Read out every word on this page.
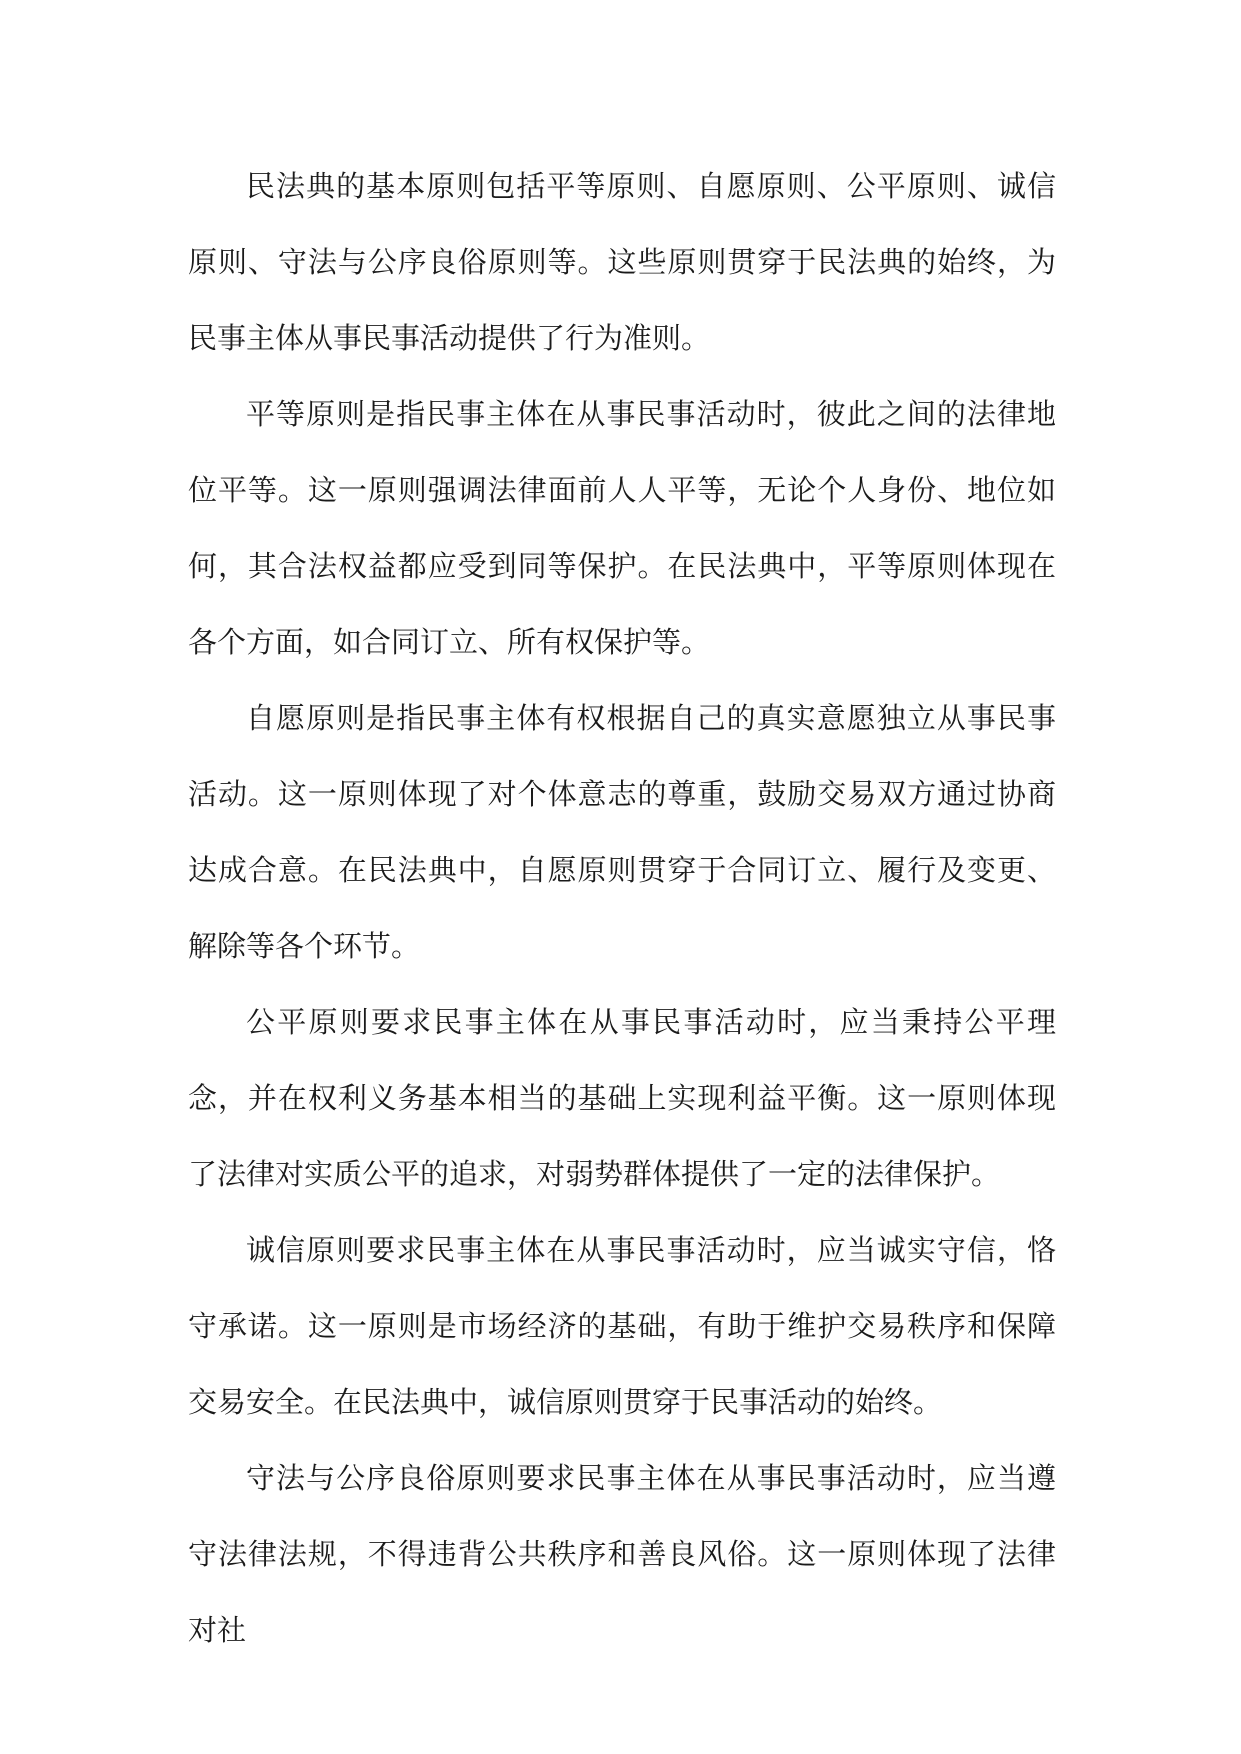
民法典的基本原则包括平等原则、自愿原则、公平原则、诚信原则、守法与公序良俗原则等。这些原则贯穿于民法典的始终，为民事主体从事民事活动提供了行为准则。

平等原则是指民事主体在从事民事活动时，彼此之间的法律地位平等。这一原则强调法律面前人人平等，无论个人身份、地位如何，其合法权益都应受到同等保护。在民法典中，平等原则体现在各个方面，如合同订立、所有权保护等。

自愿原则是指民事主体有权根据自己的真实意愿独立从事民事活动。这一原则体现了对个体意志的尊重，鼓励交易双方通过协商达成合意。在民法典中，自愿原则贯穿于合同订立、履行及变更、解除等各个环节。

公平原则要求民事主体在从事民事活动时，应当秉持公平理念，并在权利义务基本相当的基础上实现利益平衡。这一原则体现了法律对实质公平的追求，对弱势群体提供了一定的法律保护。

诚信原则要求民事主体在从事民事活动时，应当诚实守信，恪守承诺。这一原则是市场经济的基础，有助于维护交易秩序和保障交易安全。在民法典中，诚信原则贯穿于民事活动的始终。

守法与公序良俗原则要求民事主体在从事民事活动时，应当遵守法律法规，不得违背公共秩序和善良风俗。这一原则体现了法律对社
